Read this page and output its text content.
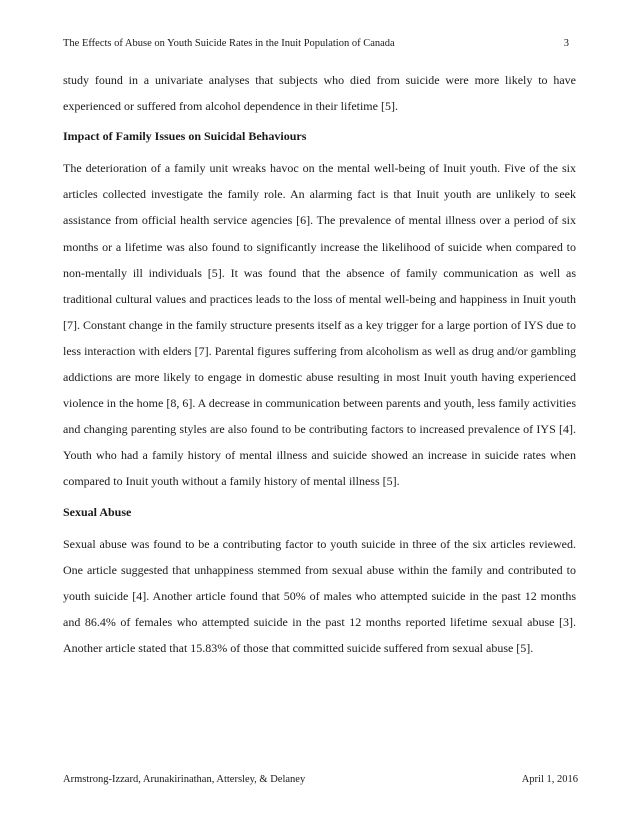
The Effects of Abuse on Youth Suicide Rates in the Inuit Population of Canada	3

study found in a univariate analyses that subjects who died from suicide were more likely to have experienced or suffered from alcohol dependence in their lifetime [5].

Impact of Family Issues on Suicidal Behaviours

The deterioration of a family unit wreaks havoc on the mental well-being of Inuit youth. Five of the six articles collected investigate the family role. An alarming fact is that Inuit youth are unlikely to seek assistance from official health service agencies [6]. The prevalence of mental illness over a period of six months or a lifetime was also found to significantly increase the likelihood of suicide when compared to non-mentally ill individuals [5]. It was found that the absence of family communication as well as traditional cultural values and practices leads to the loss of mental well-being and happiness in Inuit youth [7]. Constant change in the family structure presents itself as a key trigger for a large portion of IYS due to less interaction with elders [7]. Parental figures suffering from alcoholism as well as drug and/or gambling addictions are more likely to engage in domestic abuse resulting in most Inuit youth having experienced violence in the home [8, 6]. A decrease in communication between parents and youth, less family activities and changing parenting styles are also found to be contributing factors to increased prevalence of IYS [4]. Youth who had a family history of mental illness and suicide showed an increase in suicide rates when compared to Inuit youth without a family history of mental illness [5].

Sexual Abuse

Sexual abuse was found to be a contributing factor to youth suicide in three of the six articles reviewed. One article suggested that unhappiness stemmed from sexual abuse within the family and contributed to youth suicide [4]. Another article found that 50% of males who attempted suicide in the past 12 months and 86.4% of females who attempted suicide in the past 12 months reported lifetime sexual abuse [3]. Another article stated that 15.83% of those that committed suicide suffered from sexual abuse [5].

Armstrong-Izzard, Arunakirinathan, Attersley, & Delaney	April 1, 2016
